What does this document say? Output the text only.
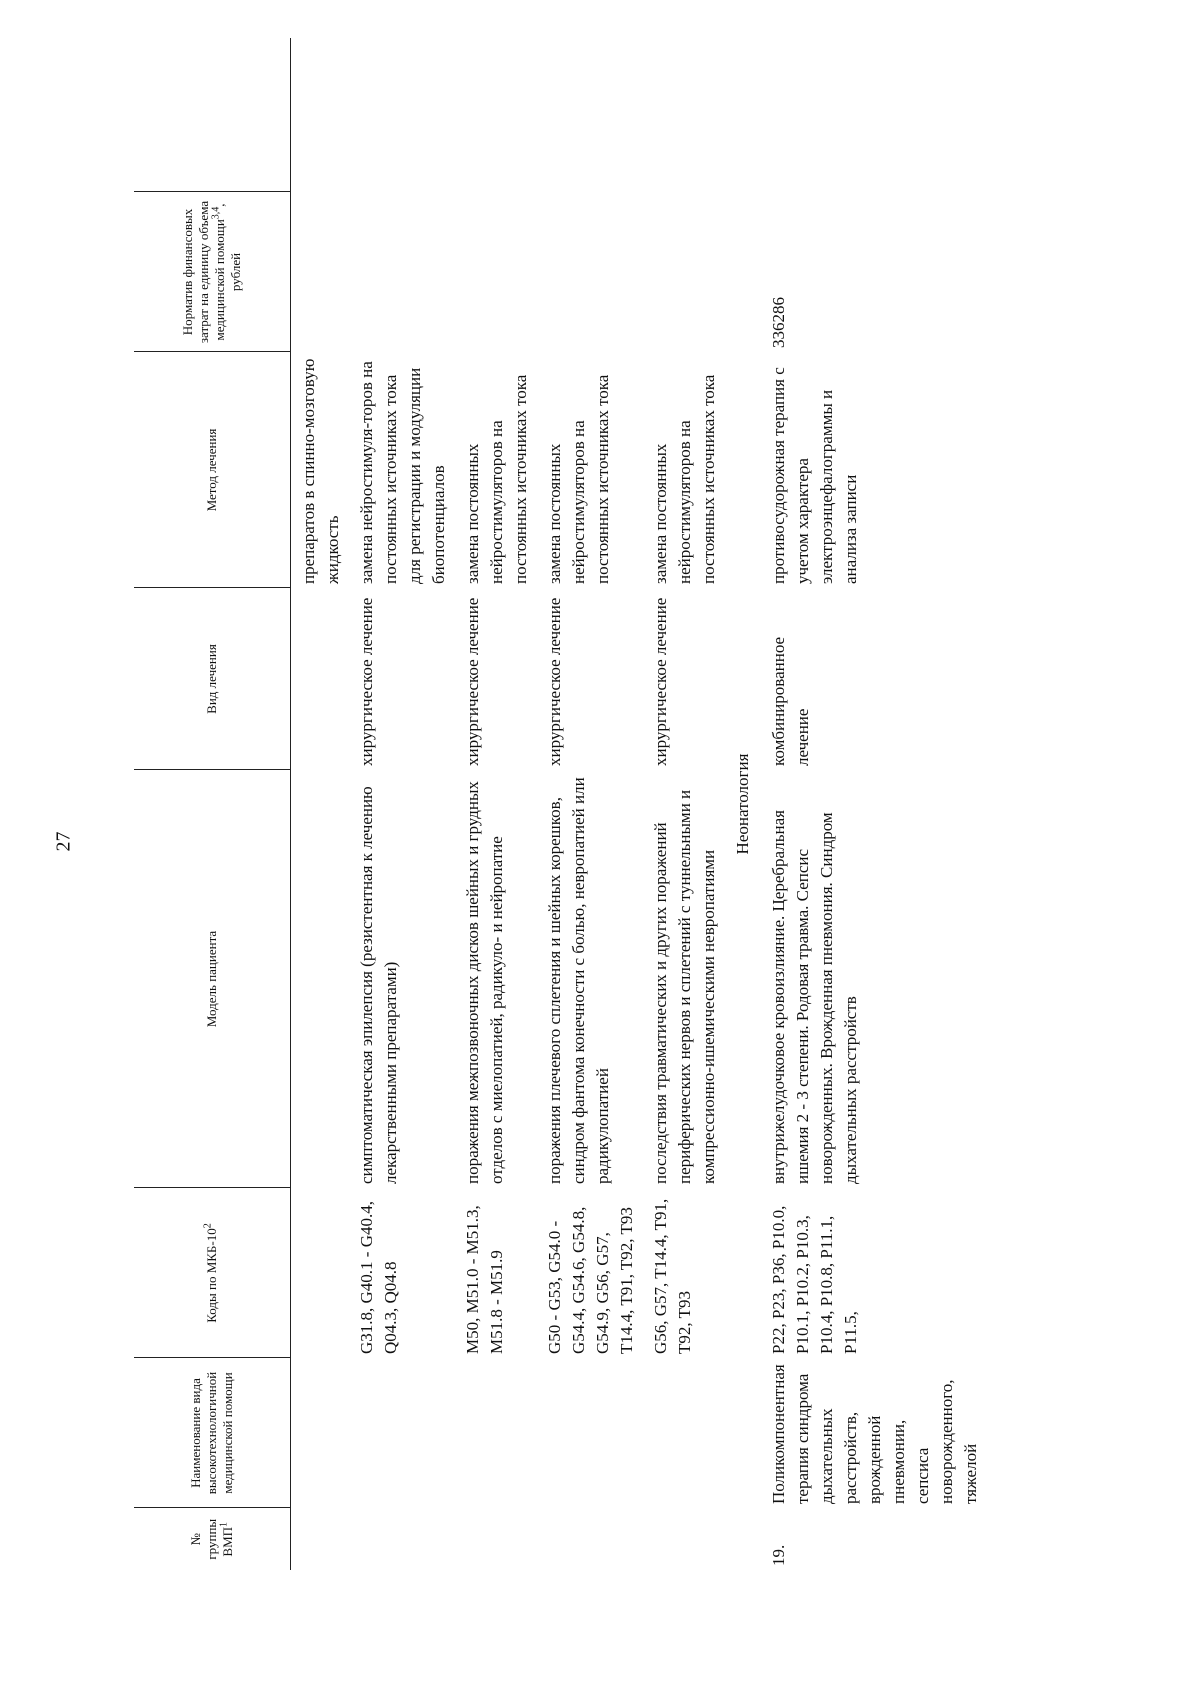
27
№ группы ВМП$^1$	Наименование вида высокотехнологичной медицинской помощи	Коды по МКБ-$10^2$	Модель пациента	Вид лечения	Метод лечения	Норматив финансовых затрат на единицу объема медицинской помощи$^{3,4}$, рублей	
					препаратов в спинно-мозговую жидкость		
		G31.8, G40.1 - G40.4, Q04.3, Q04.8	симптоматическая эпилепсия (резистентная к лечению лекарственными препаратами)	хирургическое лечение	замена нейростимуля-торов на постоянных источниках тока для регистрации и модуляции биопотенциалов		
		M50, M51.0 - M51.3, M51.8 - M51.9	поражения межпозвоночных дисков шейных и грудных отделов с миелопатией, радикуло- и нейропатие	хирургическое лечение	замена постоянных нейростимуляторов на постоянных источниках тока		
		G50 - G53, G54.0 - G54.4, G54.6, G54.8, G54.9, G56, G57, T14.4, T91, T92, T93	поражения плечевого сплетения и шейных корешков, синдром фантома конечности с болью, невропатией или радикулопатией	хирургическое лечение	замена постоянных нейростимуляторов на постоянных источниках тока		
		G56, G57, T14.4, T91, T92, T93	последствия травматических и других поражений периферических нервов и сплетений с туннельными и компрессионно-ишемическими невропатиями	хирургическое лечение	замена постоянных нейростимуляторов на постоянных источниках тока		
Неонатология							
19.	Поликомпонентная терапия синдрома дыхательных расстройств, врожденной пневмонии, сепсиса новорожденного, тяжелой	P22, P23, P36, P10.0, P10.1, P10.2, P10.3, P10.4, P10.8, P11.1, P11.5,	внутрижелудочковое кровоизлияние. Церебральная ишемия 2 - 3 степени. Родовая травма. Сепсис новорожденных. Врожденная пневмония. Синдром дыхательных расстройств	комбинированное лечение	противосудорожная терапия с учетом характера электроэнцефалограммы и анализа записи	336286	
